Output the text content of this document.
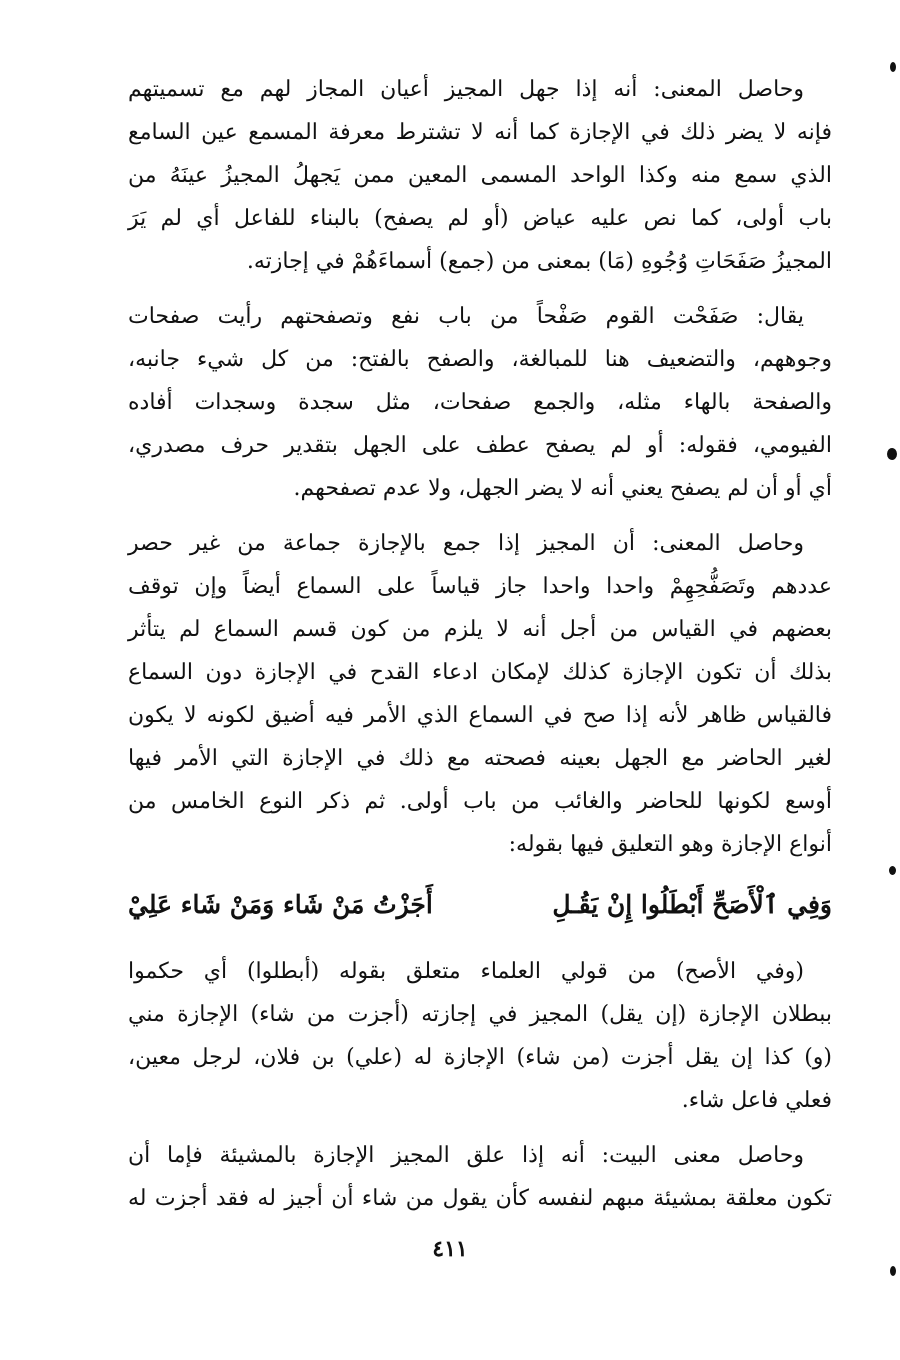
وحاصل المعنى: أنه إذا جهل المجيز أعيان المجاز لهم مع تسميتهم
فإنه لا يضر ذلك في الإجازة كما أنه لا تشترط معرفة المسمع عين السامع
الذي سمع منه وكذا الواحد المسمى المعين ممن يَجهلُ المجيزُ عينَهُ من
باب أولى، كما نص عليه عياض (أو لم يصفح) بالبناء للفاعل أي لم يَرَ
المجيزُ صَفَحَاتِ وُجُوهِ (مَا) بمعنى من (جمع) أسماءَهُمْ في إجازته.

يقال: صَفَحْت القوم صَفْحاً من باب نفع وتصفحتهم رأيت صفحات
وجوههم، والتضعيف هنا للمبالغة، والصفح بالفتح: من كل شيء جانبه،
والصفحة بالهاء مثله، والجمع صفحات، مثل سجدة وسجدات أفاده
الفيومي، فقوله: أو لم يصفح عطف على الجهل بتقدير حرف مصدري،
أي أو أن لم يصفح يعني أنه لا يضر الجهل، ولا عدم تصفحهم.

وحاصل المعنى: أن المجيز إذا جمع بالإجازة جماعة من غير حصر
عددهم وتَصَفُّحِهِمْ واحدا واحدا جاز قياساً على السماع أيضاً وإن توقف
بعضهم في القياس من أجل أنه لا يلزم من كون قسم السماع لم يتأثر
بذلك أن تكون الإجازة كذلك لإمكان ادعاء القدح في الإجازة دون السماع
فالقياس ظاهر لأنه إذا صح في السماع الذي الأمر فيه أضيق لكونه لا يكون
لغير الحاضر مع الجهل بعينه فصحته مع ذلك في الإجازة التي الأمر فيها
أوسع لكونها للحاضر والغائب من باب أولى. ثم ذكر النوع الخامس من
أنواع الإجازة وهو التعليق فيها بقوله:

وَفِي ٱلْأَصَحِّ أَبْطَلُوا إِنْ يَقُـلِ
أَجَزْتُ مَنْ شَاء وَمَنْ شَاء عَلِيْ

(وفي الأصح) من قولي العلماء متعلق بقوله (أبطلوا) أي حكموا
ببطلان الإجازة (إن يقل) المجيز في إجازته (أجزت من شاء) الإجازة مني
(و) كذا إن يقل أجزت (من شاء) الإجازة له (علي) بن فلان، لرجل معين،
فعلي فاعل شاء.

وحاصل معنى البيت: أنه إذا علق المجيز الإجازة بالمشيئة فإما أن
تكون معلقة بمشيئة مبهم لنفسه كأن يقول من شاء أن أجيز له فقد أجزت له

٤١١
